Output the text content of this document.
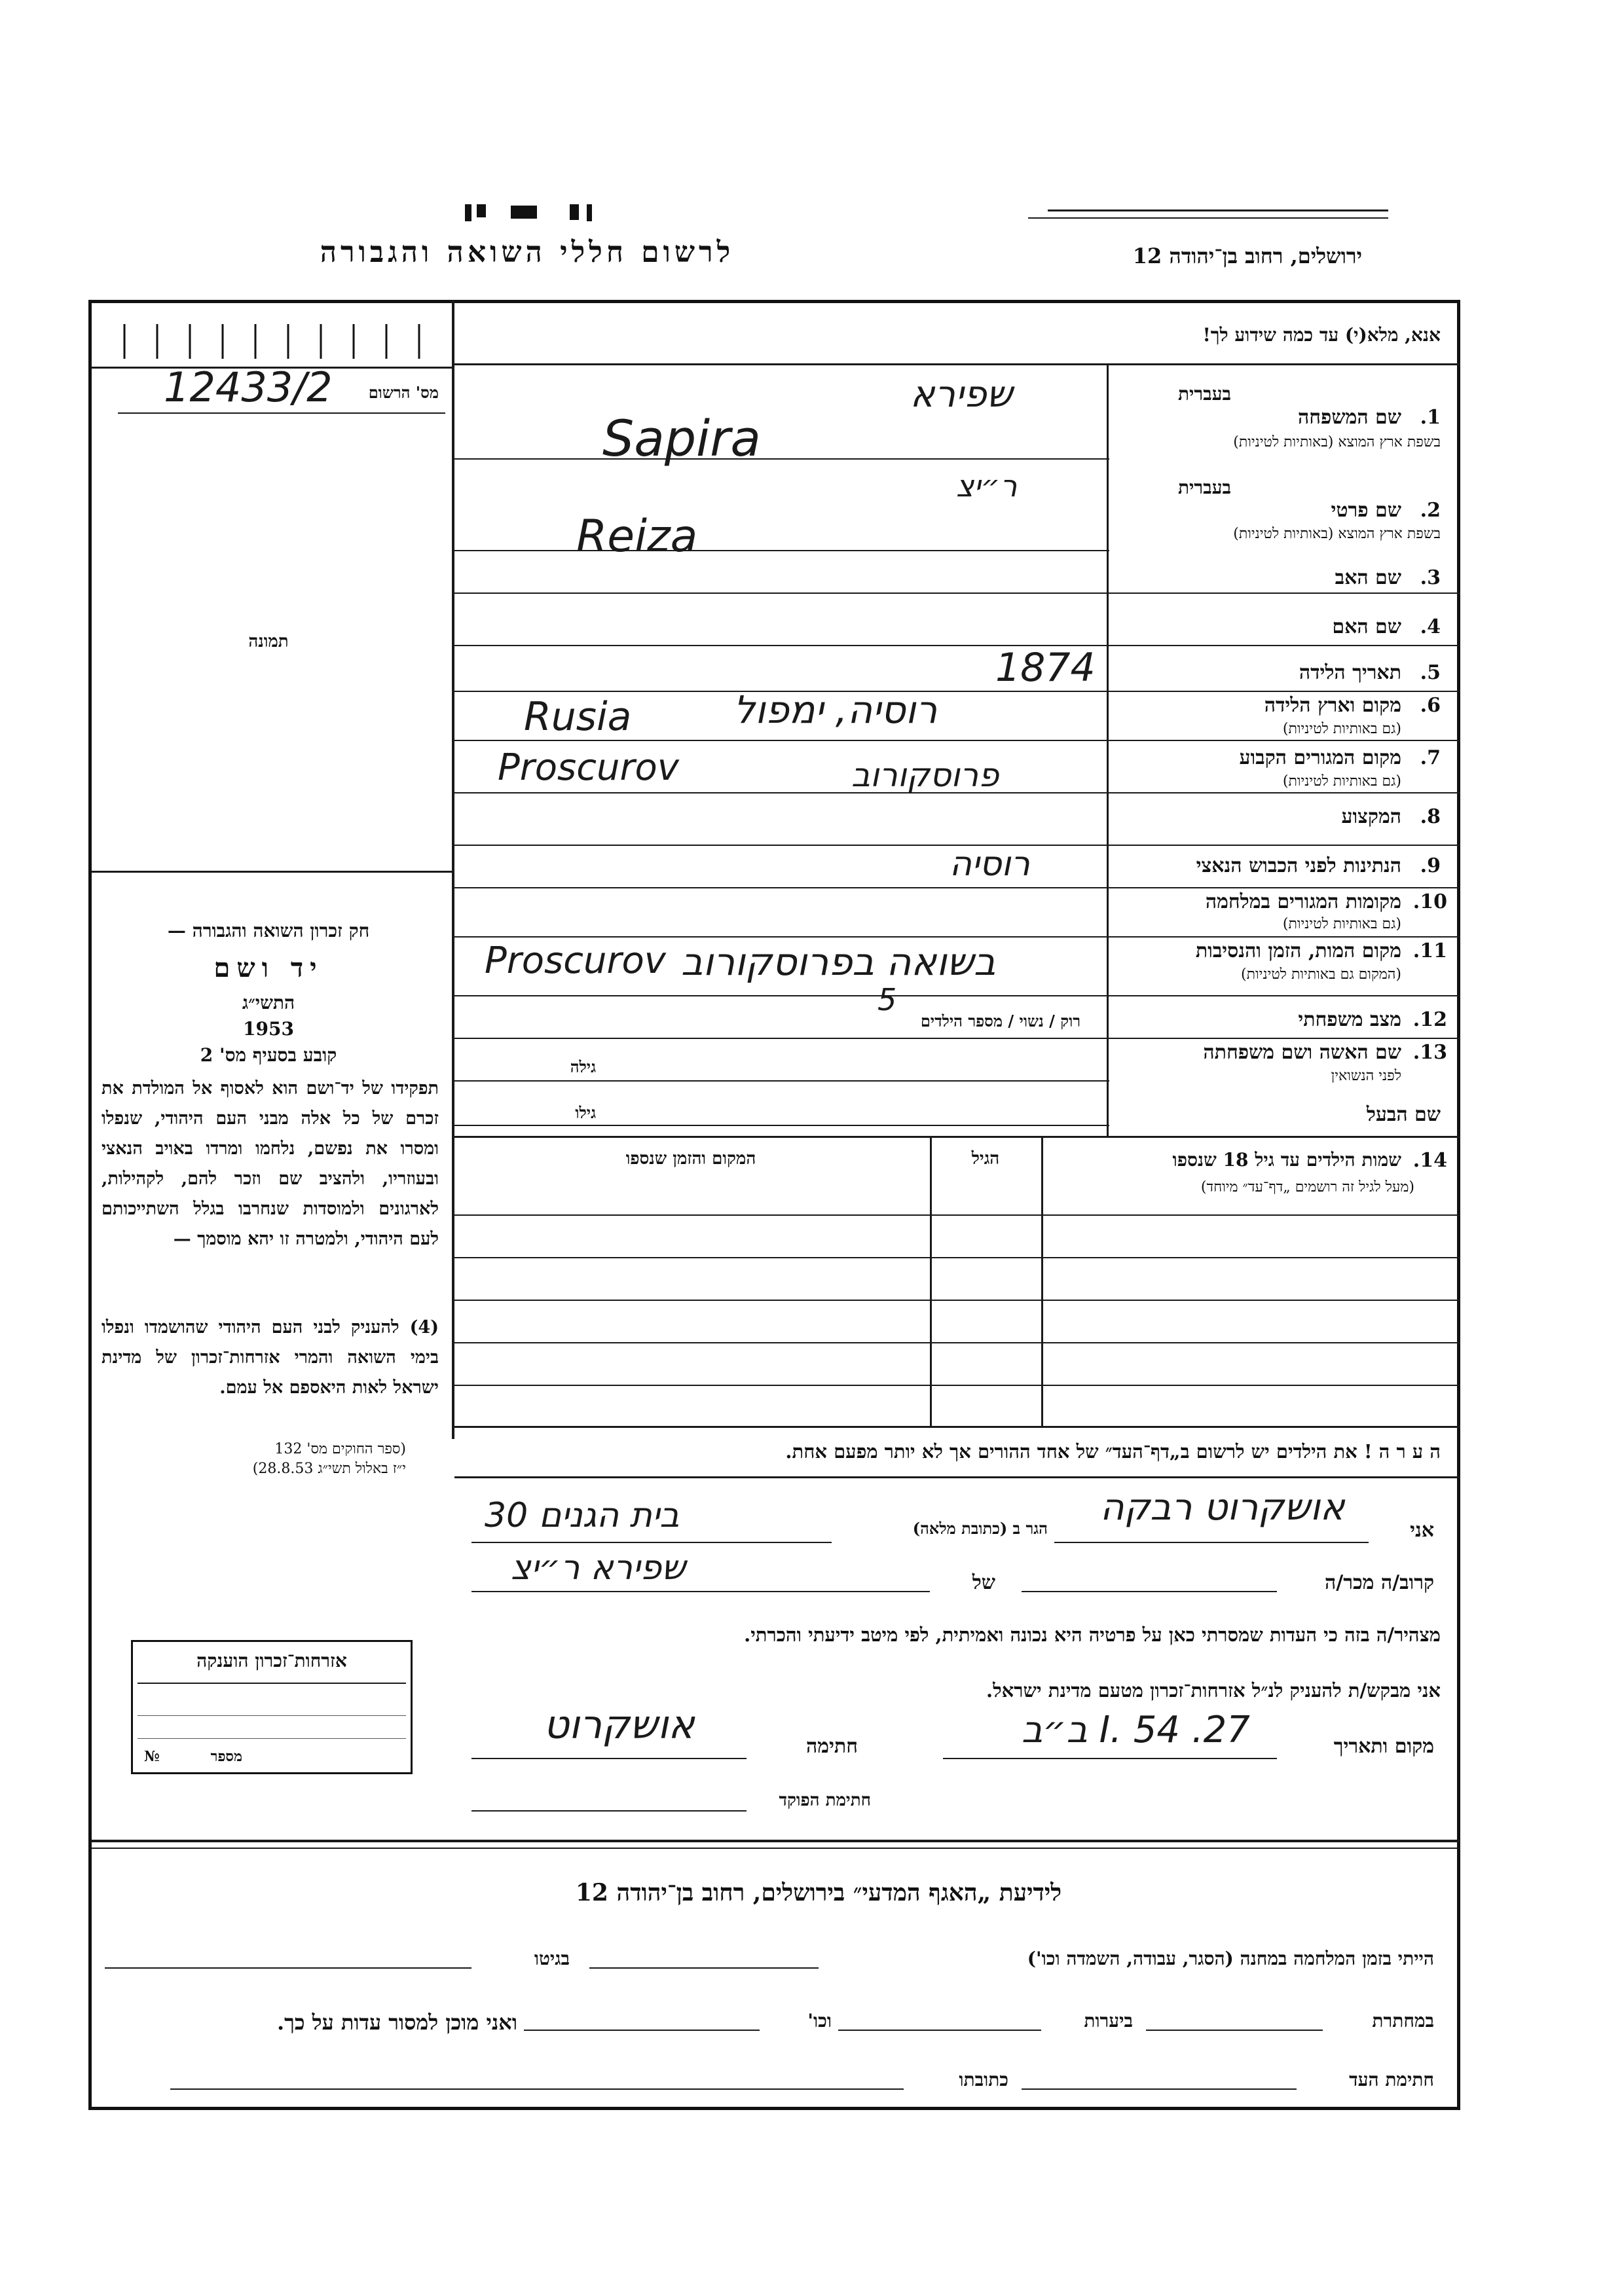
לרשום חללי השואה והגבורה	ירושלים, רחוב בן־יהודה 12
מס' הרשום
12433/2
תמונה
חק זכרון השואה והגבורה —
יד ושם
התשי״ג
1953
קובע בסעיף מס' 2
תפקידו של יד־ושם הוא לאסוף אל המולדת את זכרם של כל אלה מבני העם היהודי, שנפלו ומסרו את נפשם, נלחמו ומרדו באויב הנאצי ובעוזריו, ולהציב שם וזכר להם, לקהילות, לארגונים ולמוסדות שנחרבו בגלל השתייכותם לעם היהודי, ולמטרה זו יהא מוסמך —
(4) להעניק לבני העם היהודי שהושמדו ונפלו בימי השואה והמרי אזרחות־זכרון של מדינת ישראל לאות היאספם אל עמם.
(ספר החוקים מס' 132
י״ז באלול תשי״ג 28.8.53)
אנא, מלא(י) עד כמה שידוע לך!
בעברית
1.
שם המשפחה
בשפת ארץ המוצא (באותיות לטיניות)
שפירא
Sapira
בעברית
2.
שם פרטי
בשפת ארץ המוצא (באותיות לטיניות)
ר״יצ
Reiza
3.
שם האב
4.
שם האם
5.
תאריך הלידה
1874
6.
מקום וארץ הלידה
(גם באותיות לטיניות)
רוסיה, ימפול
Rusia
7.
מקום המגורים הקבוע
(גם באותיות לטיניות)
פרוסקורוב
Proscurov
8.
המקצוע
9.
הנתינות לפני הכבוש הנאצי
רוסיה
10.
מקומות המגורים במלחמה
(גם באותיות לטיניות)
11.
מקום המות, הזמן והנסיבות
(המקום גם באותיות לטיניות)
בשואה בפרוסקורוב
Proscurov
12.
מצב משפחתי
רוק / נשוי / מספר הילדים
5
13.
שם האשה ושם משפחתה
לפני הנשואין
גילה
שם הבעל
גילו
14.
שמות הילדים עד גיל 18 שנספו
(מעל לגיל זה רושמים „דף־עד״ מיוחד)
הגיל
המקום והזמן שנספו
ה ע ר ה ! את הילדים יש לרשום ב„דף־העד״ של אחד ההורים אך לא יותר מפעם אחת.
אני
אושקרוט רבקה
הגר ב (כתובת מלאה)
בית הגנים 30
קרוב/ה מכר/ה
של
שפירא ר״יצ
מצהיר/ה בזה כי העדות שמסרתי כאן על פרטיה היא נכונה ואמיתית, לפי מיטב ידיעתי והכרתי.
אני מבקש/ת להעניק לנ״ל אזרחות־זכרון מטעם מדינת ישראל.
מקום ותאריך
27. I. 54 ב״ב
חתימה
אושקרוט
חתימת הפוקד
אזרחות־זכרון הוענקה
מספר
№
לידיעת „האגף המדעי״ בירושלים, רחוב בן־יהודה 12
הייתי בזמן המלחמה במחנה (הסגר, עבודה, השמדה וכו')
בגיטו
במחתרת
ביערות
וכו'
ואני מוכן למסור עדות על כך.
חתימת העד
כתובתו
